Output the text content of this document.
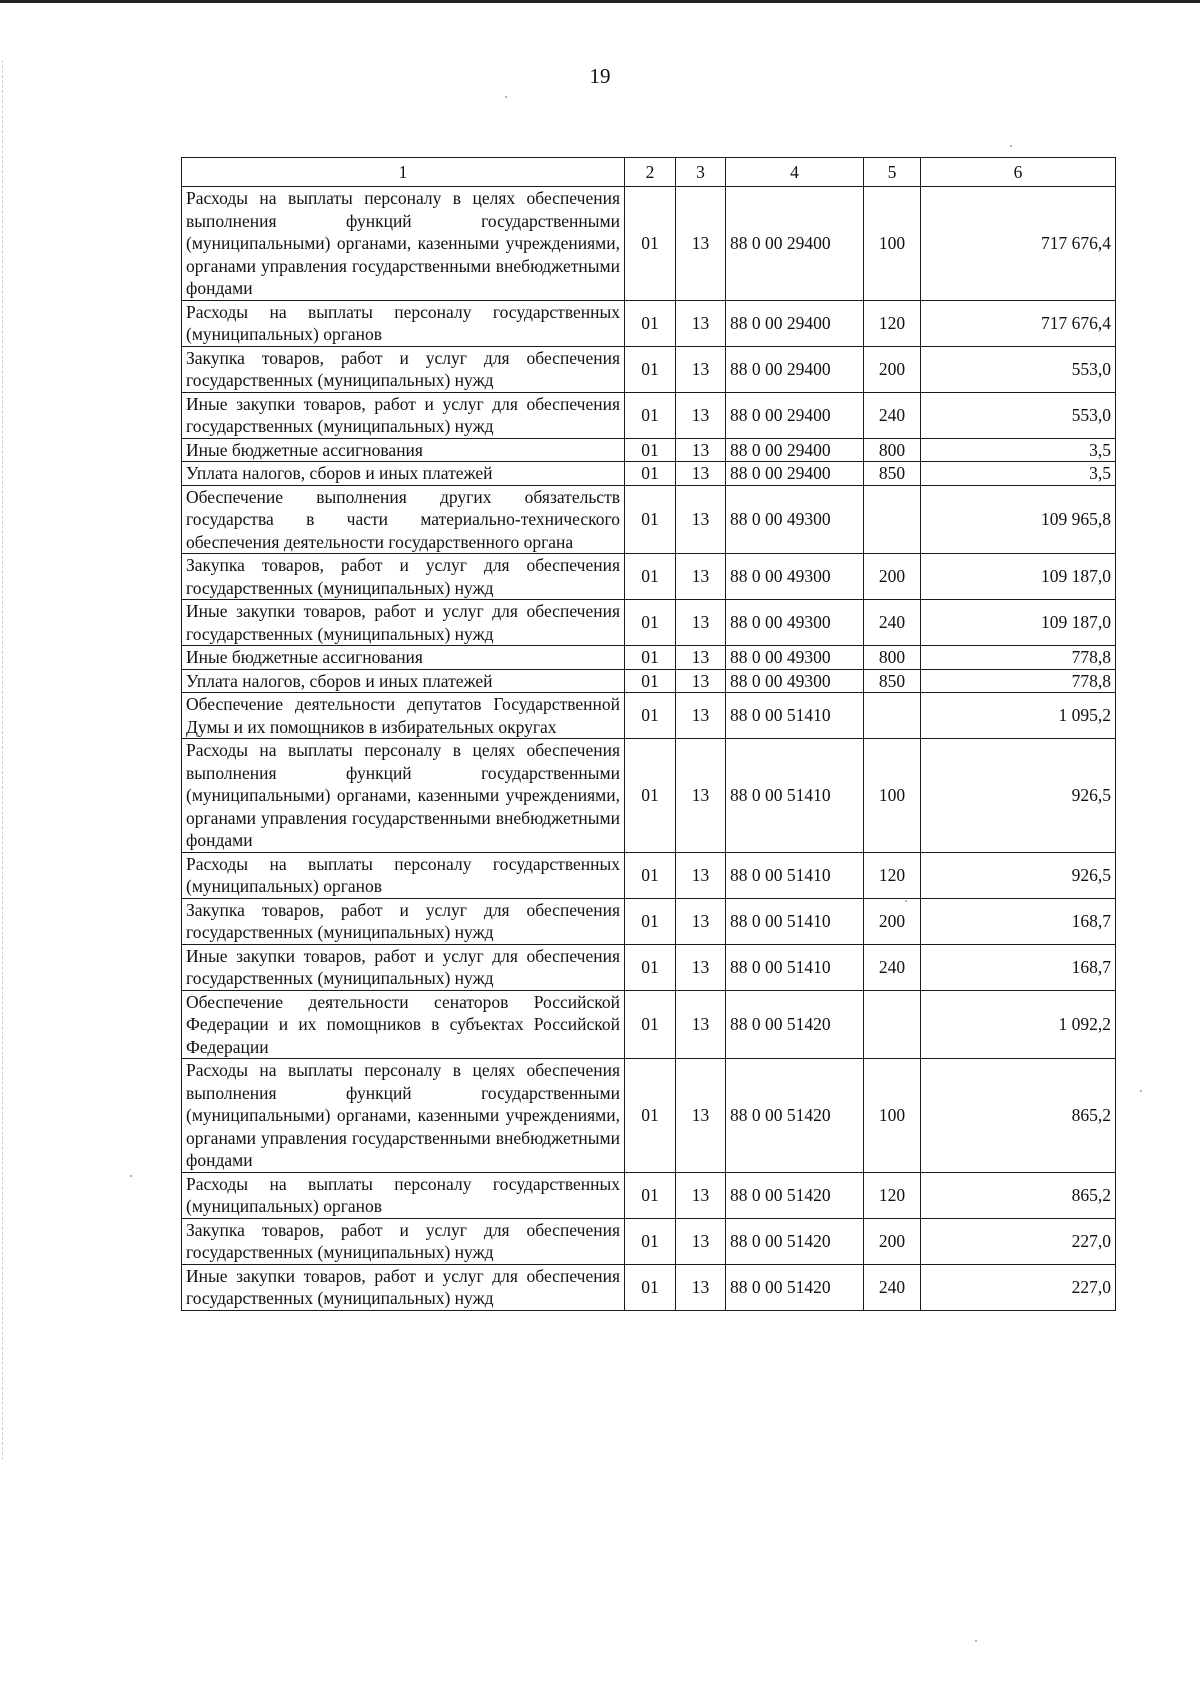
19
1	2	3	4	5	6
Расходы на выплаты персоналу в целях обеспечения выполнения функций государственными (муниципальными) органами, казенными учреждениями, органами управления государственными внебюджетными фондами	01	13	88 0 00 29400	100	717 676,4
Расходы на выплаты персоналу государственных (муниципальных) органов	01	13	88 0 00 29400	120	717 676,4
Закупка товаров, работ и услуг для обеспечения государственных (муниципальных) нужд	01	13	88 0 00 29400	200	553,0
Иные закупки товаров, работ и услуг для обеспечения государственных (муниципальных) нужд	01	13	88 0 00 29400	240	553,0
Иные бюджетные ассигнования	01	13	88 0 00 29400	800	3,5
Уплата налогов, сборов и иных платежей	01	13	88 0 00 29400	850	3,5
Обеспечение выполнения других обязательств государства в части материально-технического обеспечения деятельности государственного органа	01	13	88 0 00 49300		109 965,8
Закупка товаров, работ и услуг для обеспечения государственных (муниципальных) нужд	01	13	88 0 00 49300	200	109 187,0
Иные закупки товаров, работ и услуг для обеспечения государственных (муниципальных) нужд	01	13	88 0 00 49300	240	109 187,0
Иные бюджетные ассигнования	01	13	88 0 00 49300	800	778,8
Уплата налогов, сборов и иных платежей	01	13	88 0 00 49300	850	778,8
Обеспечение деятельности депутатов Государственной Думы и их помощников в избирательных округах	01	13	88 0 00 51410		1 095,2
Расходы на выплаты персоналу в целях обеспечения выполнения функций государственными (муниципальными) органами, казенными учреждениями, органами управления государственными внебюджетными фондами	01	13	88 0 00 51410	100	926,5
Расходы на выплаты персоналу государственных (муниципальных) органов	01	13	88 0 00 51410	120	926,5
Закупка товаров, работ и услуг для обеспечения государственных (муниципальных) нужд	01	13	88 0 00 51410	200	168,7
Иные закупки товаров, работ и услуг для обеспечения государственных (муниципальных) нужд	01	13	88 0 00 51410	240	168,7
Обеспечение деятельности сенаторов Российской Федерации и их помощников в субъектах Российской Федерации	01	13	88 0 00 51420		1 092,2
Расходы на выплаты персоналу в целях обеспечения выполнения функций государственными (муниципальными) органами, казенными учреждениями, органами управления государственными внебюджетными фондами	01	13	88 0 00 51420	100	865,2
Расходы на выплаты персоналу государственных (муниципальных) органов	01	13	88 0 00 51420	120	865,2
Закупка товаров, работ и услуг для обеспечения государственных (муниципальных) нужд	01	13	88 0 00 51420	200	227,0
Иные закупки товаров, работ и услуг для обеспечения государственных (муниципальных) нужд	01	13	88 0 00 51420	240	227,0
